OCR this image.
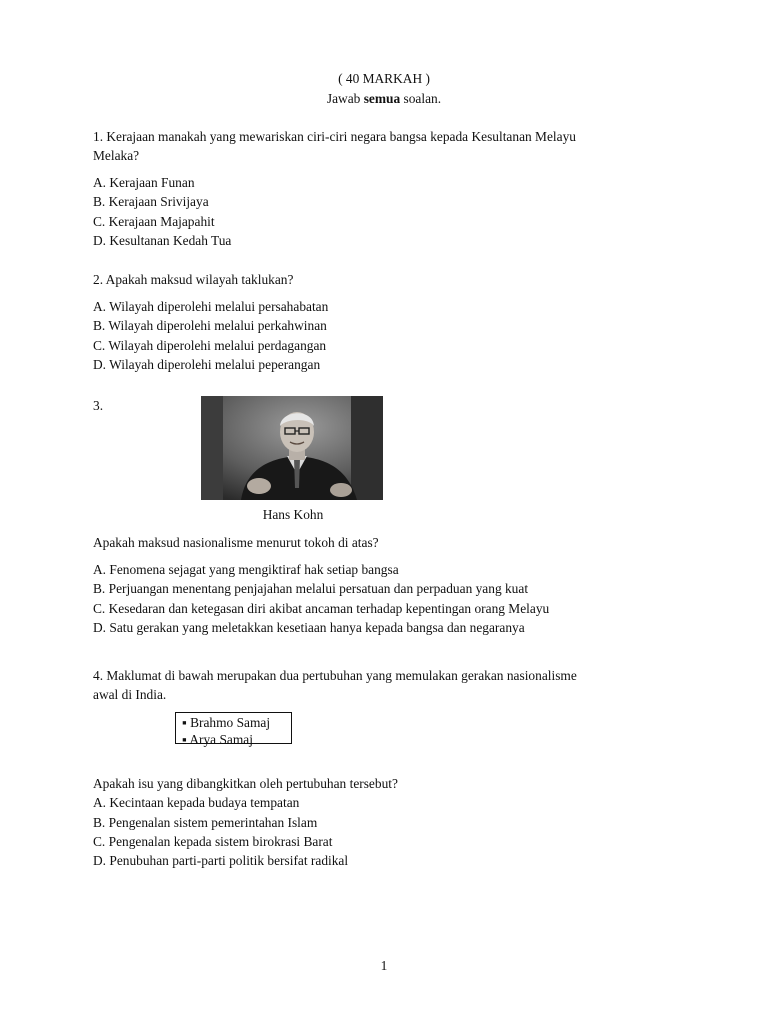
( 40 MARKAH )
Jawab semua soalan.
1. Kerajaan manakah yang mewariskan ciri-ciri negara bangsa kepada Kesultanan Melayu
Melaka?
A. Kerajaan Funan
B. Kerajaan Srivijaya
C. Kerajaan Majapahit
D. Kesultanan Kedah Tua
2. Apakah maksud wilayah taklukan?
A. Wilayah diperolehi melalui persahabatan
B. Wilayah diperolehi melalui perkahwinan
C. Wilayah diperolehi melalui perdagangan
D. Wilayah diperolehi melalui peperangan
3.
Hans Kohn
Apakah maksud nasionalisme menurut tokoh di atas?
A. Fenomena sejagat yang mengiktiraf hak setiap bangsa
B. Perjuangan menentang penjajahan melalui persatuan dan perpaduan yang kuat
C. Kesedaran dan ketegasan diri akibat ancaman terhadap kepentingan orang Melayu
D. Satu gerakan yang meletakkan kesetiaan hanya kepada bangsa dan negaranya
4. Maklumat di bawah merupakan dua pertubuhan yang memulakan gerakan nasionalisme
awal di India.
▪ Brahmo Samaj
▪ Arya Samaj
Apakah isu yang dibangkitkan oleh pertubuhan tersebut?
A. Kecintaan kepada budaya tempatan
B. Pengenalan sistem pemerintahan Islam
C. Pengenalan kepada sistem birokrasi Barat
D. Penubuhan parti-parti politik bersifat radikal
1
